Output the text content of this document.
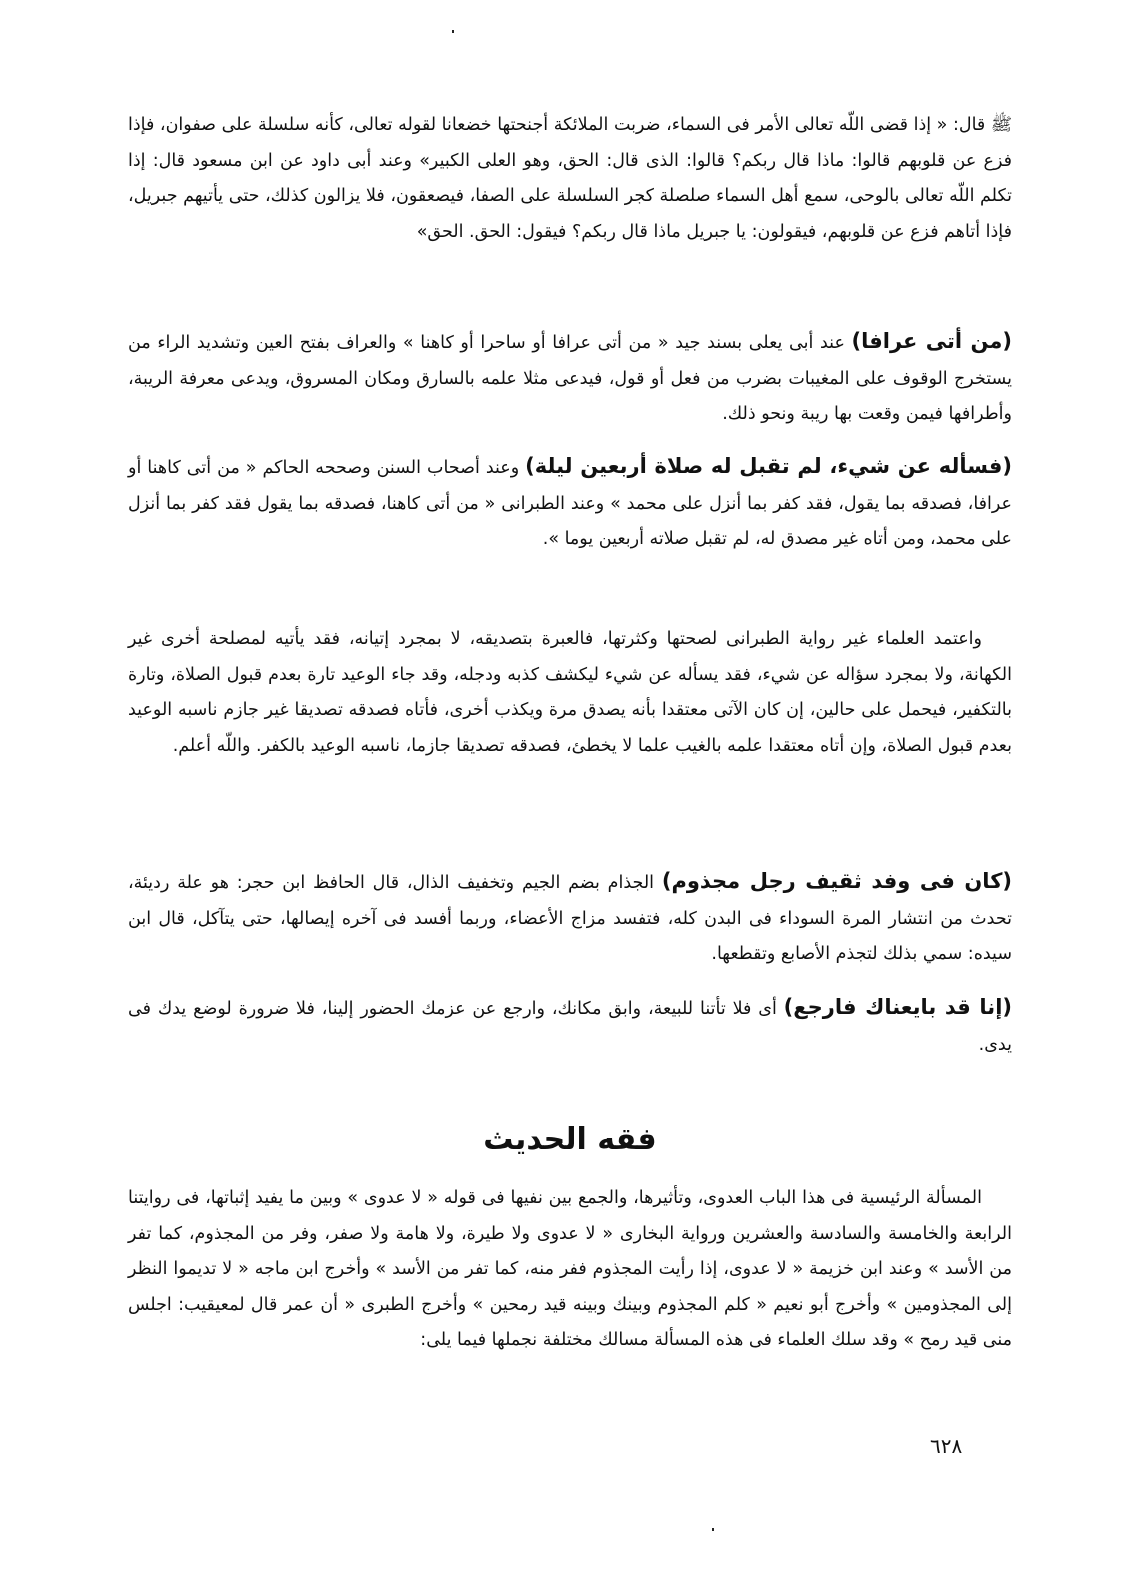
ﷺ قال: « إذا قضى اللّه تعالى الأمر فى السماء، ضربت الملائكة أجنحتها خضعانا لقوله تعالى، كأنه سلسلة على صفوان، فإذا فزع عن قلوبهم قالوا: ماذا قال ربكم؟ قالوا: الذى قال: الحق، وهو العلى الكبير» وعند أبى داود عن ابن مسعود قال: إذا تكلم اللّه تعالى بالوحى، سمع أهل السماء صلصلة كجر السلسلة على الصفا، فيصعقون، فلا يزالون كذلك، حتى يأتيهم جبريل، فإذا أتاهم فزع عن قلوبهم، فيقولون: يا جبريل ماذا قال ربكم؟ فيقول: الحق. الحق»

(من أتى عرافا) عند أبى يعلى بسند جيد « من أتى عرافا أو ساحرا أو كاهنا » والعراف بفتح العين وتشديد الراء من يستخرج الوقوف على المغيبات بضرب من فعل أو قول، فيدعى مثلا علمه بالسارق ومكان المسروق، ويدعى معرفة الريبة، وأطرافها فيمن وقعت بها ريبة ونحو ذلك.

(فسأله عن شيء، لم تقبل له صلاة أربعين ليلة) وعند أصحاب السنن وصححه الحاكم « من أتى كاهنا أو عرافا، فصدقه بما يقول، فقد كفر بما أنزل على محمد » وعند الطبرانى « من أتى كاهنا، فصدقه بما يقول فقد كفر بما أنزل على محمد، ومن أتاه غير مصدق له، لم تقبل صلاته أربعين يوما ».

واعتمد العلماء غير رواية الطبرانى لصحتها وكثرتها، فالعبرة بتصديقه، لا بمجرد إتيانه، فقد يأتيه لمصلحة أخرى غير الكهانة، ولا بمجرد سؤاله عن شيء، فقد يسأله عن شيء ليكشف كذبه ودجله، وقد جاء الوعيد تارة بعدم قبول الصلاة، وتارة بالتكفير، فيحمل على حالين، إن كان الآتى معتقدا بأنه يصدق مرة ويكذب أخرى، فأتاه فصدقه تصديقا غير جازم ناسبه الوعيد بعدم قبول الصلاة، وإن أتاه معتقدا علمه بالغيب علما لا يخطئ، فصدقه تصديقا جازما، ناسبه الوعيد بالكفر. واللّه أعلم.

(كان فى وفد ثقيف رجل مجذوم) الجذام بضم الجيم وتخفيف الذال، قال الحافظ ابن حجر: هو علة رديئة، تحدث من انتشار المرة السوداء فى البدن كله، فتفسد مزاج الأعضاء، وربما أفسد فى آخره إيصالها، حتى يتآكل، قال ابن سيده: سمي بذلك لتجذم الأصابع وتقطعها.

(إنا قد بايعناك فارجع) أى فلا تأتنا للبيعة، وابق مكانك، وارجع عن عزمك الحضور إلينا، فلا ضرورة لوضع يدك فى يدى.

فقه الحديث

المسألة الرئيسية فى هذا الباب العدوى، وتأثيرها، والجمع بين نفيها فى قوله « لا عدوى » وبين ما يفيد إثباتها، فى روايتنا الرابعة والخامسة والسادسة والعشرين ورواية البخارى « لا عدوى ولا طيرة، ولا هامة ولا صفر، وفر من المجذوم، كما تفر من الأسد » وعند ابن خزيمة « لا عدوى، إذا رأيت المجذوم ففر منه، كما تفر من الأسد » وأخرج ابن ماجه « لا تديموا النظر إلى المجذومين » وأخرج أبو نعيم « كلم المجذوم وبينك وبينه قيد رمحين » وأخرج الطبرى « أن عمر قال لمعيقيب: اجلس منى قيد رمح » وقد سلك العلماء فى هذه المسألة مسالك مختلفة نجملها فيما يلى:

٦٢٨
